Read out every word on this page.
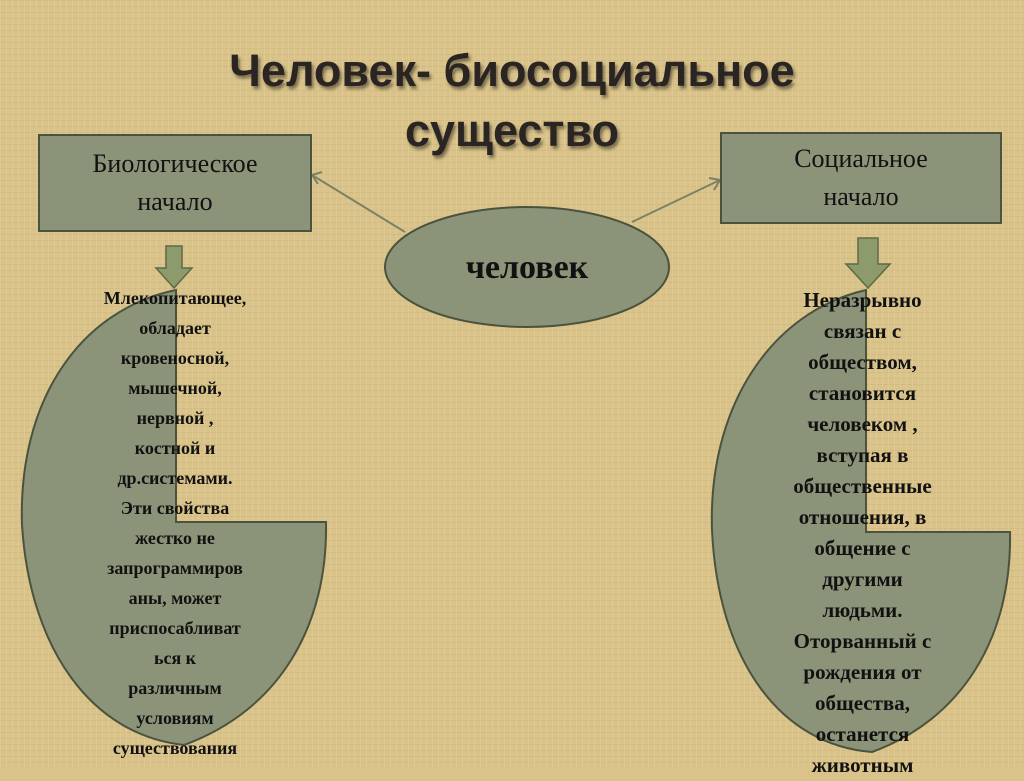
Человек- биосоциальное
существо
Биологическое
начало
Социальное
начало
человек
Млекопитающее,
обладает
кровеносной,
мышечной,
нервной ,
костной и
др.системами.
Эти свойства
жестко не
запрограммиров
аны, может
приспосабливат
ься к
различным
условиям
существования
Неразрывно
связан с
обществом,
становится
человеком ,
вступая в
общественные
отношения, в
общение с
другими
людьми.
Оторванный с
рождения от
общества,
останется
животным
